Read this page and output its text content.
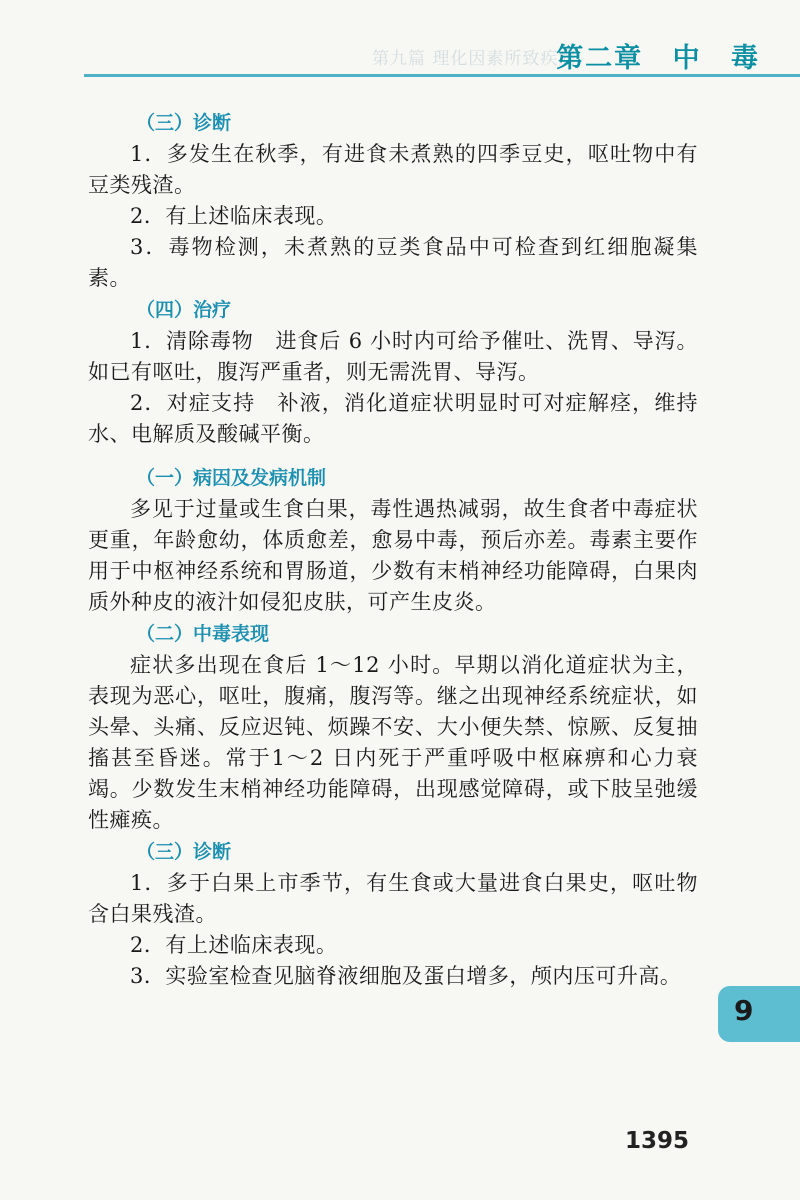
第九篇 理化因素所致疾病
第二章 中 毒
（三）诊断

1．多发生在秋季，有进食未煮熟的四季豆史，呕吐物中有豆类残渣。

2．有上述临床表现。

3．毒物检测，未煮熟的豆类食品中可检查到红细胞凝集素。

（四）治疗

1．清除毒物　进食后 6 小时内可给予催吐、洗胃、导泻。如已有呕吐，腹泻严重者，则无需洗胃、导泻。

2．对症支持　补液，消化道症状明显时可对症解痉，维持水、电解质及酸碱平衡。

（一）病因及发病机制

多见于过量或生食白果，毒性遇热减弱，故生食者中毒症状更重，年龄愈幼，体质愈差，愈易中毒，预后亦差。毒素主要作用于中枢神经系统和胃肠道，少数有末梢神经功能障碍，白果肉质外种皮的液汁如侵犯皮肤，可产生皮炎。

（二）中毒表现

症状多出现在食后 1～12 小时。早期以消化道症状为主，表现为恶心，呕吐，腹痛，腹泻等。继之出现神经系统症状，如头晕、头痛、反应迟钝、烦躁不安、大小便失禁、惊厥、反复抽搐甚至昏迷。常于1～2 日内死于严重呼吸中枢麻痹和心力衰竭。少数发生末梢神经功能障碍，出现感觉障碍，或下肢呈弛缓性瘫痪。

（三）诊断

1．多于白果上市季节，有生食或大量进食白果史，呕吐物含白果残渣。

2．有上述临床表现。

3．实验室检查见脑脊液细胞及蛋白增多，颅内压可升高。

9
1395
